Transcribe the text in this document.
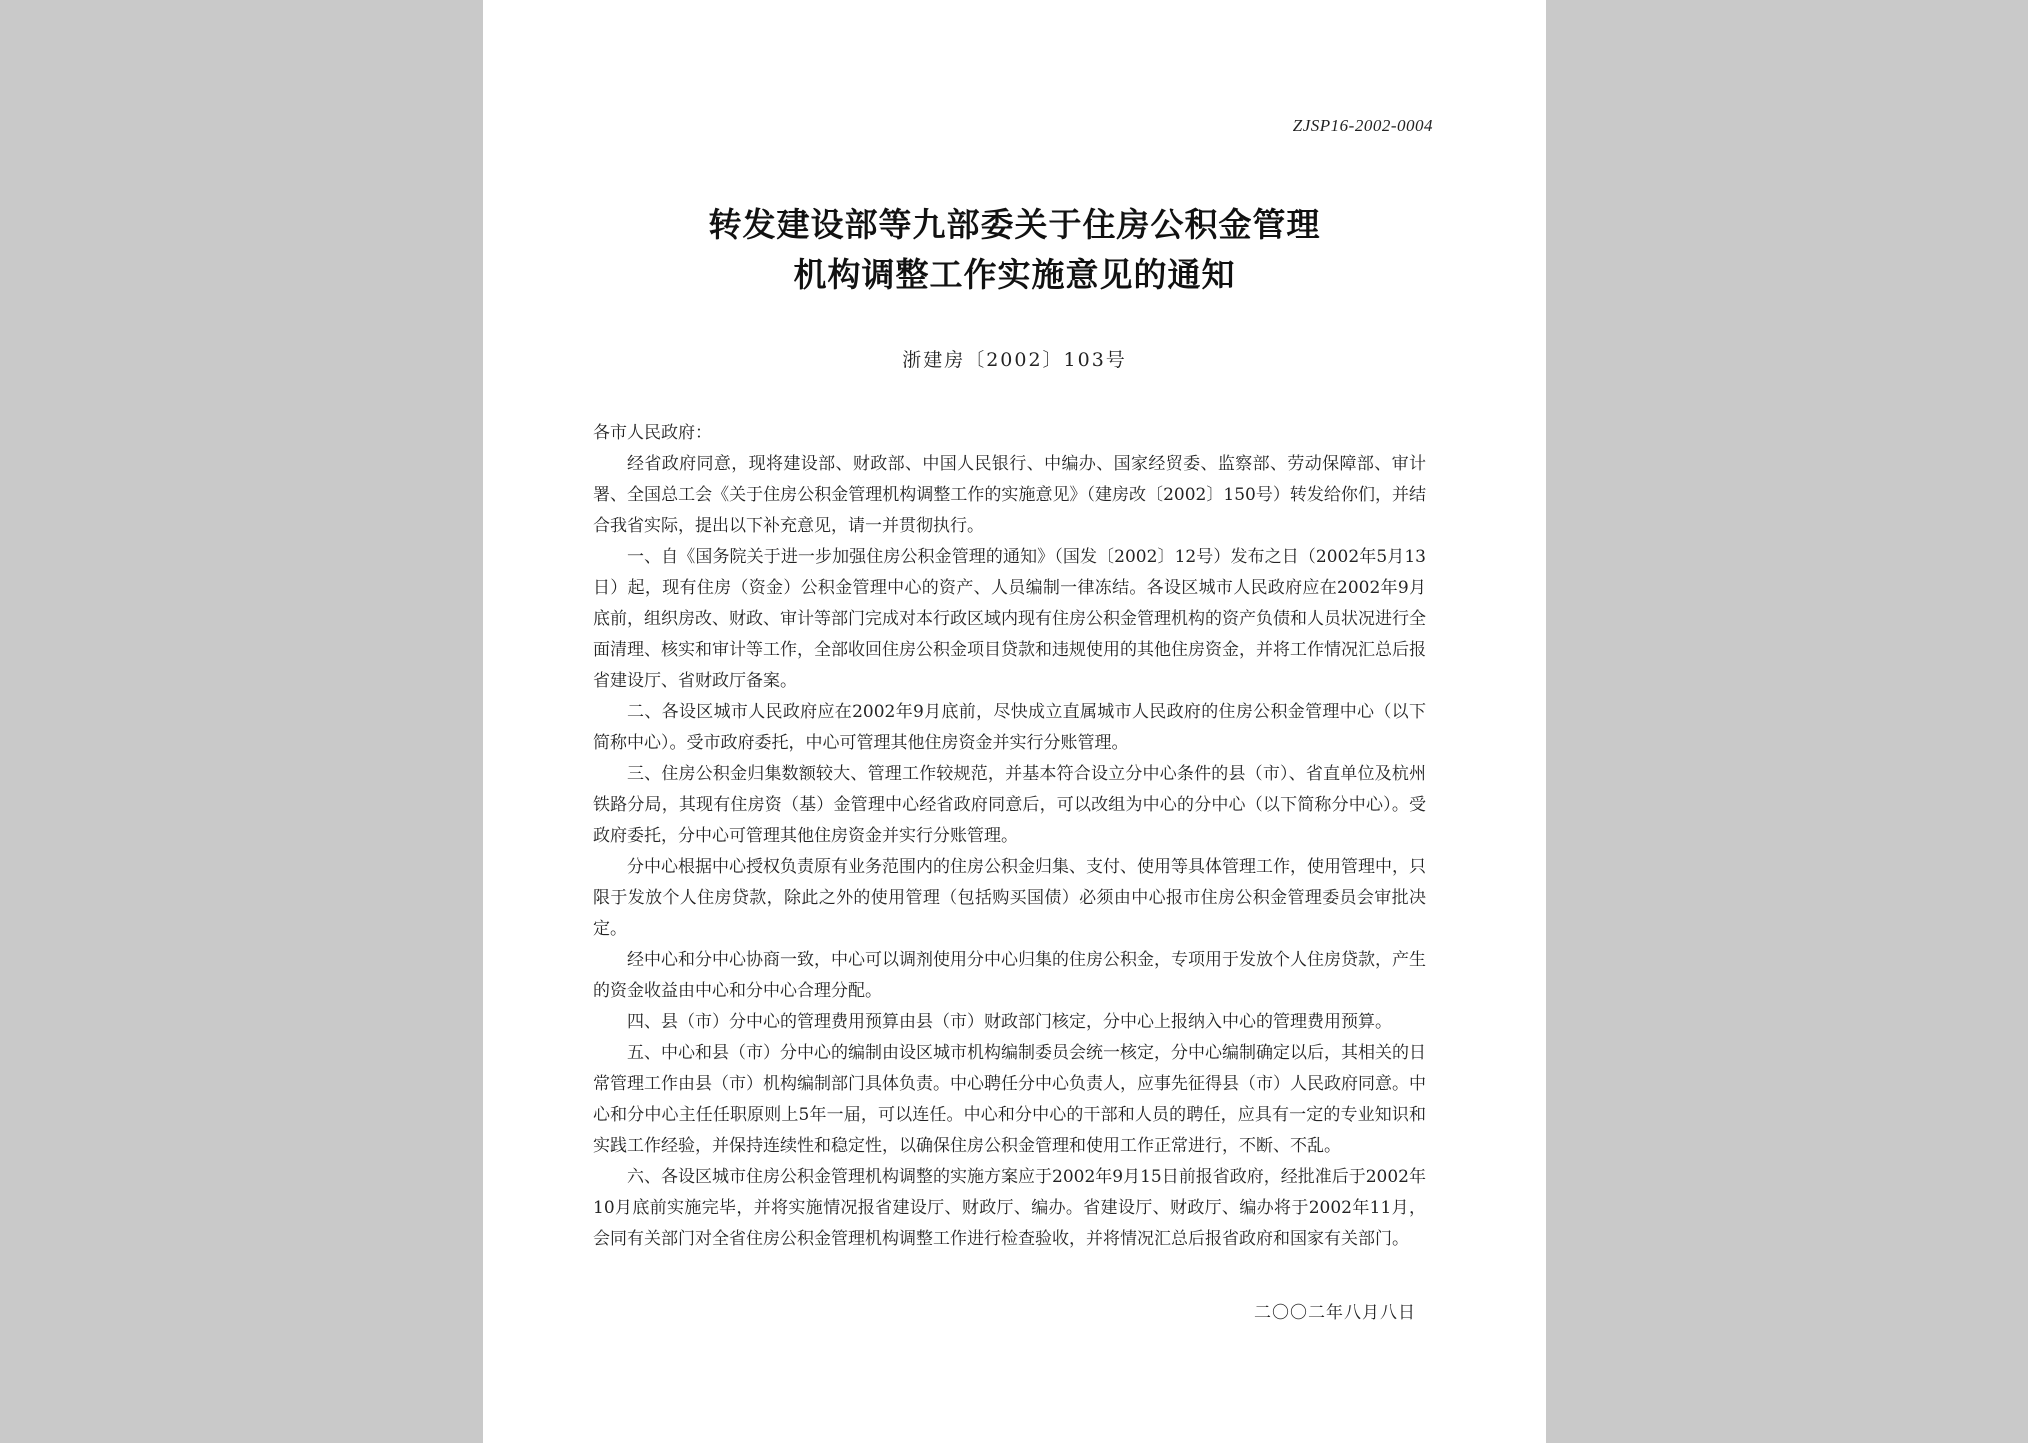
ZJSP16-2002-0004
转发建设部等九部委关于住房公积金管理
机构调整工作实施意见的通知
浙建房〔2002〕103号

各市人民政府：

经省政府同意，现将建设部、财政部、中国人民银行、中编办、国家经贸委、监察部、劳动保障部、审计署、全国总工会《关于住房公积金管理机构调整工作的实施意见》（建房改〔2002〕150号）转发给你们，并结合我省实际，提出以下补充意见，请一并贯彻执行。

一、自《国务院关于进一步加强住房公积金管理的通知》（国发〔2002〕12号）发布之日（2002年5月13日）起，现有住房（资金）公积金管理中心的资产、人员编制一律冻结。各设区城市人民政府应在2002年9月底前，组织房改、财政、审计等部门完成对本行政区域内现有住房公积金管理机构的资产负债和人员状况进行全面清理、核实和审计等工作，全部收回住房公积金项目贷款和违规使用的其他住房资金，并将工作情况汇总后报省建设厅、省财政厅备案。

二、各设区城市人民政府应在2002年9月底前，尽快成立直属城市人民政府的住房公积金管理中心（以下简称中心）。受市政府委托，中心可管理其他住房资金并实行分账管理。

三、住房公积金归集数额较大、管理工作较规范，并基本符合设立分中心条件的县（市）、省直单位及杭州铁路分局，其现有住房资（基）金管理中心经省政府同意后，可以改组为中心的分中心（以下简称分中心）。受政府委托，分中心可管理其他住房资金并实行分账管理。

分中心根据中心授权负责原有业务范围内的住房公积金归集、支付、使用等具体管理工作，使用管理中，只限于发放个人住房贷款，除此之外的使用管理（包括购买国债）必须由中心报市住房公积金管理委员会审批决定。

经中心和分中心协商一致，中心可以调剂使用分中心归集的住房公积金，专项用于发放个人住房贷款，产生的资金收益由中心和分中心合理分配。

四、县（市）分中心的管理费用预算由县（市）财政部门核定，分中心上报纳入中心的管理费用预算。

五、中心和县（市）分中心的编制由设区城市机构编制委员会统一核定，分中心编制确定以后，其相关的日常管理工作由县（市）机构编制部门具体负责。中心聘任分中心负责人，应事先征得县（市）人民政府同意。中心和分中心主任任职原则上5年一届，可以连任。中心和分中心的干部和人员的聘任，应具有一定的专业知识和实践工作经验，并保持连续性和稳定性，以确保住房公积金管理和使用工作正常进行，不断、不乱。

六、各设区城市住房公积金管理机构调整的实施方案应于2002年9月15日前报省政府，经批准后于2002年10月底前实施完毕，并将实施情况报省建设厅、财政厅、编办。省建设厅、财政厅、编办将于2002年11月，会同有关部门对全省住房公积金管理机构调整工作进行检查验收，并将情况汇总后报省政府和国家有关部门。

二〇〇二年八月八日
